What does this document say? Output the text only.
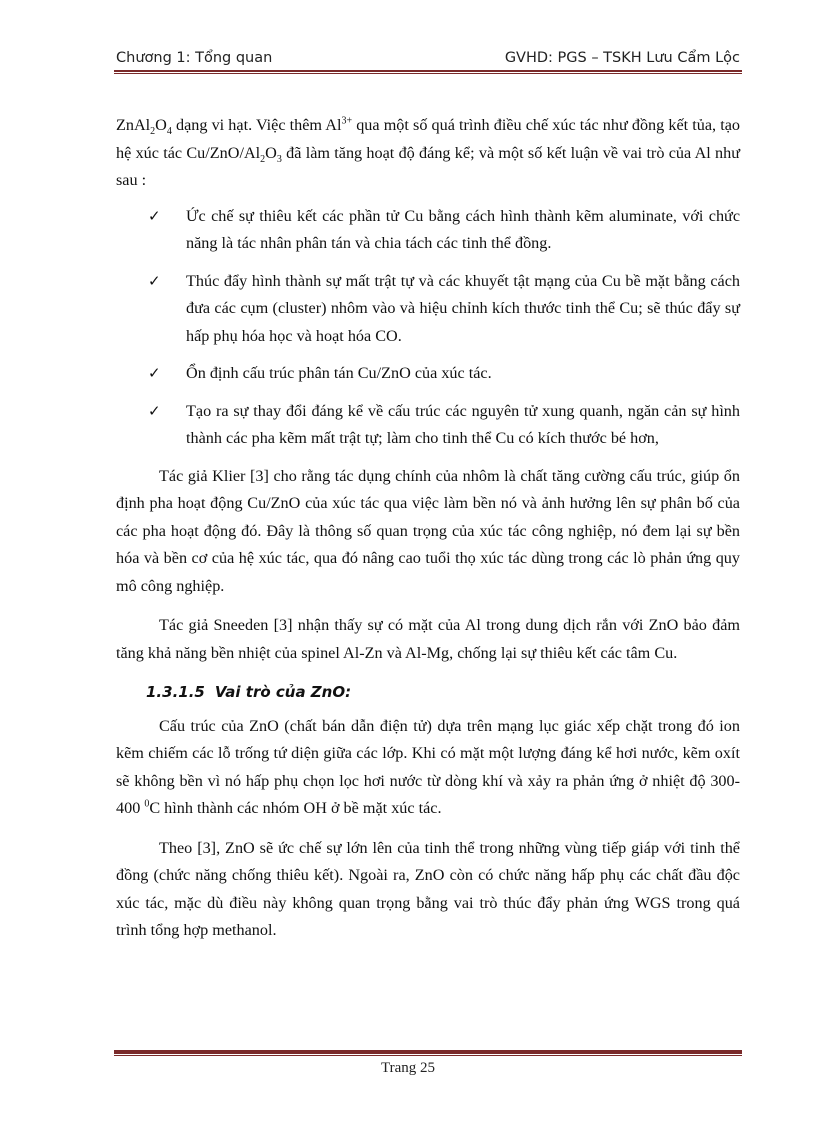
Chương 1: Tổng quan	GVHD: PGS – TSKH Lưu Cẩm Lộc

$ZnAl_2O_4$ dạng vi hạt. Việc thêm $Al^{3+}$ qua một số quá trình điều chế xúc tác như đồng kết tủa, tạo hệ xúc tác $Cu/ZnO/Al_2O_3$ đã làm tăng hoạt độ đáng kể; và một số kết luận về vai trò của Al như sau :

✓ Ức chế sự thiêu kết các phần tử Cu bằng cách hình thành kẽm aluminate, với chức năng là tác nhân phân tán và chia tách các tinh thể đồng.
✓ Thúc đẩy hình thành sự mất trật tự và các khuyết tật mạng của Cu bề mặt bằng cách đưa các cụm (cluster) nhôm vào và hiệu chỉnh kích thước tinh thể Cu; sẽ thúc đẩy sự hấp phụ hóa học và hoạt hóa CO.
✓ Ổn định cấu trúc phân tán Cu/ZnO của xúc tác.
✓ Tạo ra sự thay đổi đáng kể về cấu trúc các nguyên tử xung quanh, ngăn cản sự hình thành các pha kẽm mất trật tự; làm cho tinh thể Cu có kích thước bé hơn,

Tác giả Klier [3] cho rằng tác dụng chính của nhôm là chất tăng cường cấu trúc, giúp ổn định pha hoạt động Cu/ZnO của xúc tác qua việc làm bền nó và ảnh hưởng lên sự phân bố của các pha hoạt động đó. Đây là thông số quan trọng của xúc tác công nghiệp, nó đem lại sự bền hóa và bền cơ của hệ xúc tác, qua đó nâng cao tuổi thọ xúc tác dùng trong các lò phản ứng quy mô công nghiệp.

Tác giả Sneeden [3] nhận thấy sự có mặt của Al trong dung dịch rắn với ZnO bảo đảm tăng khả năng bền nhiệt của spinel Al-Zn và Al-Mg, chống lại sự thiêu kết các tâm Cu.

1.3.1.5 Vai trò của ZnO:

Cấu trúc của ZnO (chất bán dẫn điện tử) dựa trên mạng lục giác xếp chặt trong đó ion kẽm chiếm các lỗ trống tứ diện giữa các lớp. Khi có mặt một lượng đáng kể hơi nước, kẽm oxít sẽ không bền vì nó hấp phụ chọn lọc hơi nước từ dòng khí và xảy ra phản ứng ở nhiệt độ 300-400 $^0$C hình thành các nhóm OH ở bề mặt xúc tác.

Theo [3], ZnO sẽ ức chế sự lớn lên của tinh thể trong những vùng tiếp giáp với tinh thể đồng (chức năng chống thiêu kết). Ngoài ra, ZnO còn có chức năng hấp phụ các chất đầu độc xúc tác, mặc dù điều này không quan trọng bằng vai trò thúc đẩy phản ứng WGS trong quá trình tổng hợp methanol.

Trang 25
